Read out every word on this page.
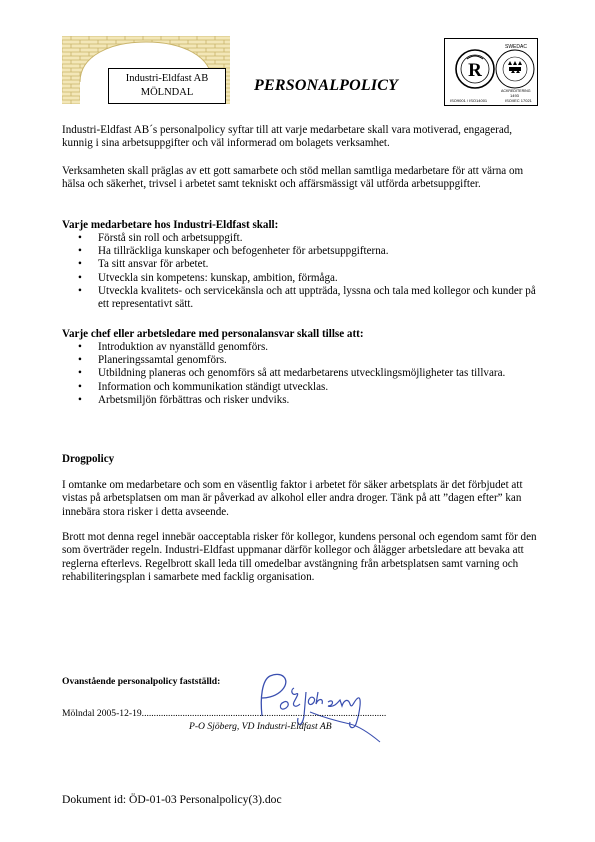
Industri-Eldfast AB
MÖLNDAL	PERSONALPOLICY
R
SWEDAC
ACKREDITERING
ISO9001 / ISO14001
1493
ISO/IEC 17021

Industri-Eldfast AB´s personalpolicy syftar till att varje medarbetare skall vara motiverad, engagerad, kunnig i sina arbetsuppgifter och väl informerad om bolagets verksamhet.

Verksamheten skall präglas av ett gott samarbete och stöd mellan samtliga medarbetare för att värna om hälsa och säkerhet, trivsel i arbetet samt tekniskt och affärsmässigt väl utförda arbetsuppgifter.

Varje medarbetare hos Industri-Eldfast skall:
• Förstå sin roll och arbetsuppgift.
• Ha tillräckliga kunskaper och befogenheter för arbetsuppgifterna.
• Ta sitt ansvar för arbetet.
• Utveckla sin kompetens: kunskap, ambition, förmåga.
• Utveckla kvalitets- och servicekänsla och att uppträda, lyssna och tala med kollegor och kunder på ett representativt sätt.
Varje chef eller arbetsledare med personalansvar skall tillse att:
• Introduktion av nyanställd genomförs.
• Planeringssamtal genomförs.
• Utbildning planeras och genomförs så att medarbetarens utvecklingsmöjligheter tas tillvara.
• Information och kommunikation ständigt utvecklas.
• Arbetsmiljön förbättras och risker undviks.
Drogpolicy

I omtanke om medarbetare och som en väsentlig faktor i arbetet för säker arbetsplats är det förbjudet att vistas på arbetsplatsen om man är påverkad av alkohol eller andra droger. Tänk på att ”dagen efter” kan innebära stora risker i detta avseende.

Brott mot denna regel innebär oacceptabla risker för kollegor, kundens personal och egendom samt för den som överträder regeln. Industri-Eldfast uppmanar därför kollegor och ålägger arbetsledare att bevaka att reglerna efterlevs. Regelbrott skall leda till omedelbar avstängning från arbetsplatsen samt varning och rehabiliteringsplan i samarbete med facklig organisation.

Ovanstående personalpolicy fastställd:
Mölndal 2005-12-19......................................................................................................
P-O Sjöberg, VD Industri-Eldfast AB
Dokument id: ÖD-01-03 Personalpolicy(3).doc
